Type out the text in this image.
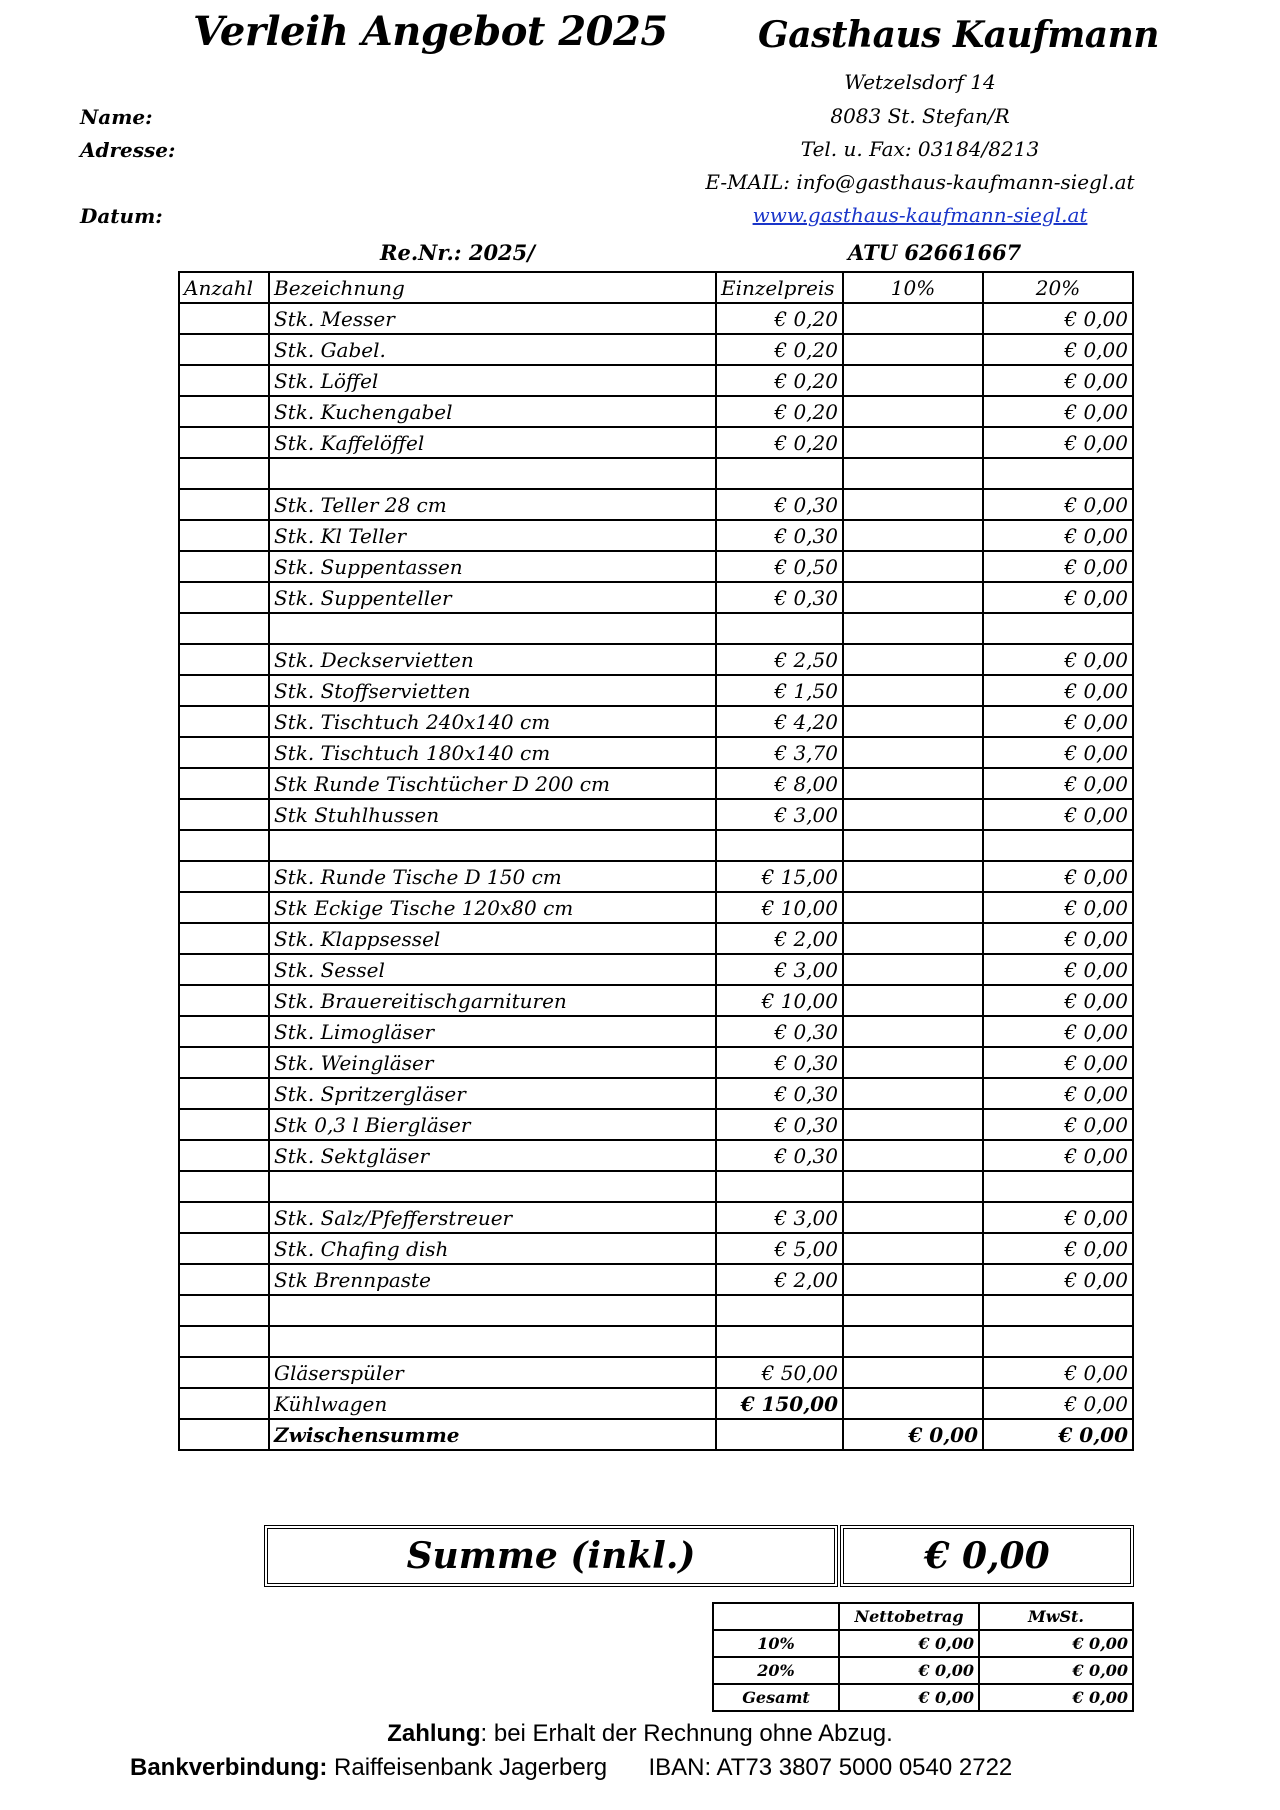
Verleih Angebot 2025	Gasthaus Kaufmann
Wetzelsdorf 14
8083 St. Stefan/R
Tel. u. Fax: 03184/8213
E-MAIL: info@gasthaus-kaufmann-siegl.at
www.gasthaus-kaufmann-siegl.at
Name:
Adresse:
Datum:
Re.Nr.: 2025/	ATU 62661667
Anzahl	Bezeichnung	Einzelpreis	10%	20%
	Stk. Messer	€ 0,20		€ 0,00
	Stk. Gabel.	€ 0,20		€ 0,00
	Stk. Löffel	€ 0,20		€ 0,00
	Stk. Kuchengabel	€ 0,20		€ 0,00
	Stk. Kaffelöffel	€ 0,20		€ 0,00

	Stk. Teller 28 cm	€ 0,30		€ 0,00
	Stk. Kl Teller	€ 0,30		€ 0,00
	Stk. Suppentassen	€ 0,50		€ 0,00
	Stk. Suppenteller	€ 0,30		€ 0,00

	Stk. Deckservietten	€ 2,50		€ 0,00
	Stk. Stoffservietten	€ 1,50		€ 0,00
	Stk. Tischtuch 240x140 cm	€ 4,20		€ 0,00
	Stk. Tischtuch 180x140 cm	€ 3,70		€ 0,00
	Stk Runde Tischtücher D 200 cm	€ 8,00		€ 0,00
	Stk Stuhlhussen	€ 3,00		€ 0,00

	Stk. Runde Tische D 150 cm	€ 15,00		€ 0,00
	Stk Eckige Tische 120x80 cm	€ 10,00		€ 0,00
	Stk. Klappsessel	€ 2,00		€ 0,00
	Stk. Sessel	€ 3,00		€ 0,00
	Stk. Brauereitischgarnituren	€ 10,00		€ 0,00
	Stk. Limogläser	€ 0,30		€ 0,00
	Stk. Weingläser	€ 0,30		€ 0,00
	Stk. Spritzergläser	€ 0,30		€ 0,00
	Stk 0,3 l Biergläser	€ 0,30		€ 0,00
	Stk. Sektgläser	€ 0,30		€ 0,00

	Stk. Salz/Pfefferstreuer	€ 3,00		€ 0,00
	Stk. Chafing dish	€ 5,00		€ 0,00
	Stk Brennpaste	€ 2,00		€ 0,00

	Gläserspüler	€ 50,00		€ 0,00
	Kühlwagen	€ 150,00		€ 0,00
	Zwischensumme		€ 0,00	€ 0,00
Summe (inkl.)	€ 0,00
	Nettobetrag	MwSt.
10%	€ 0,00	€ 0,00
20%	€ 0,00	€ 0,00
Gesamt	€ 0,00	€ 0,00
Zahlung: bei Erhalt der Rechnung ohne Abzug.
Bankverbindung: Raiffeisenbank Jagerberg IBAN: AT73 3807 5000 0540 2722
